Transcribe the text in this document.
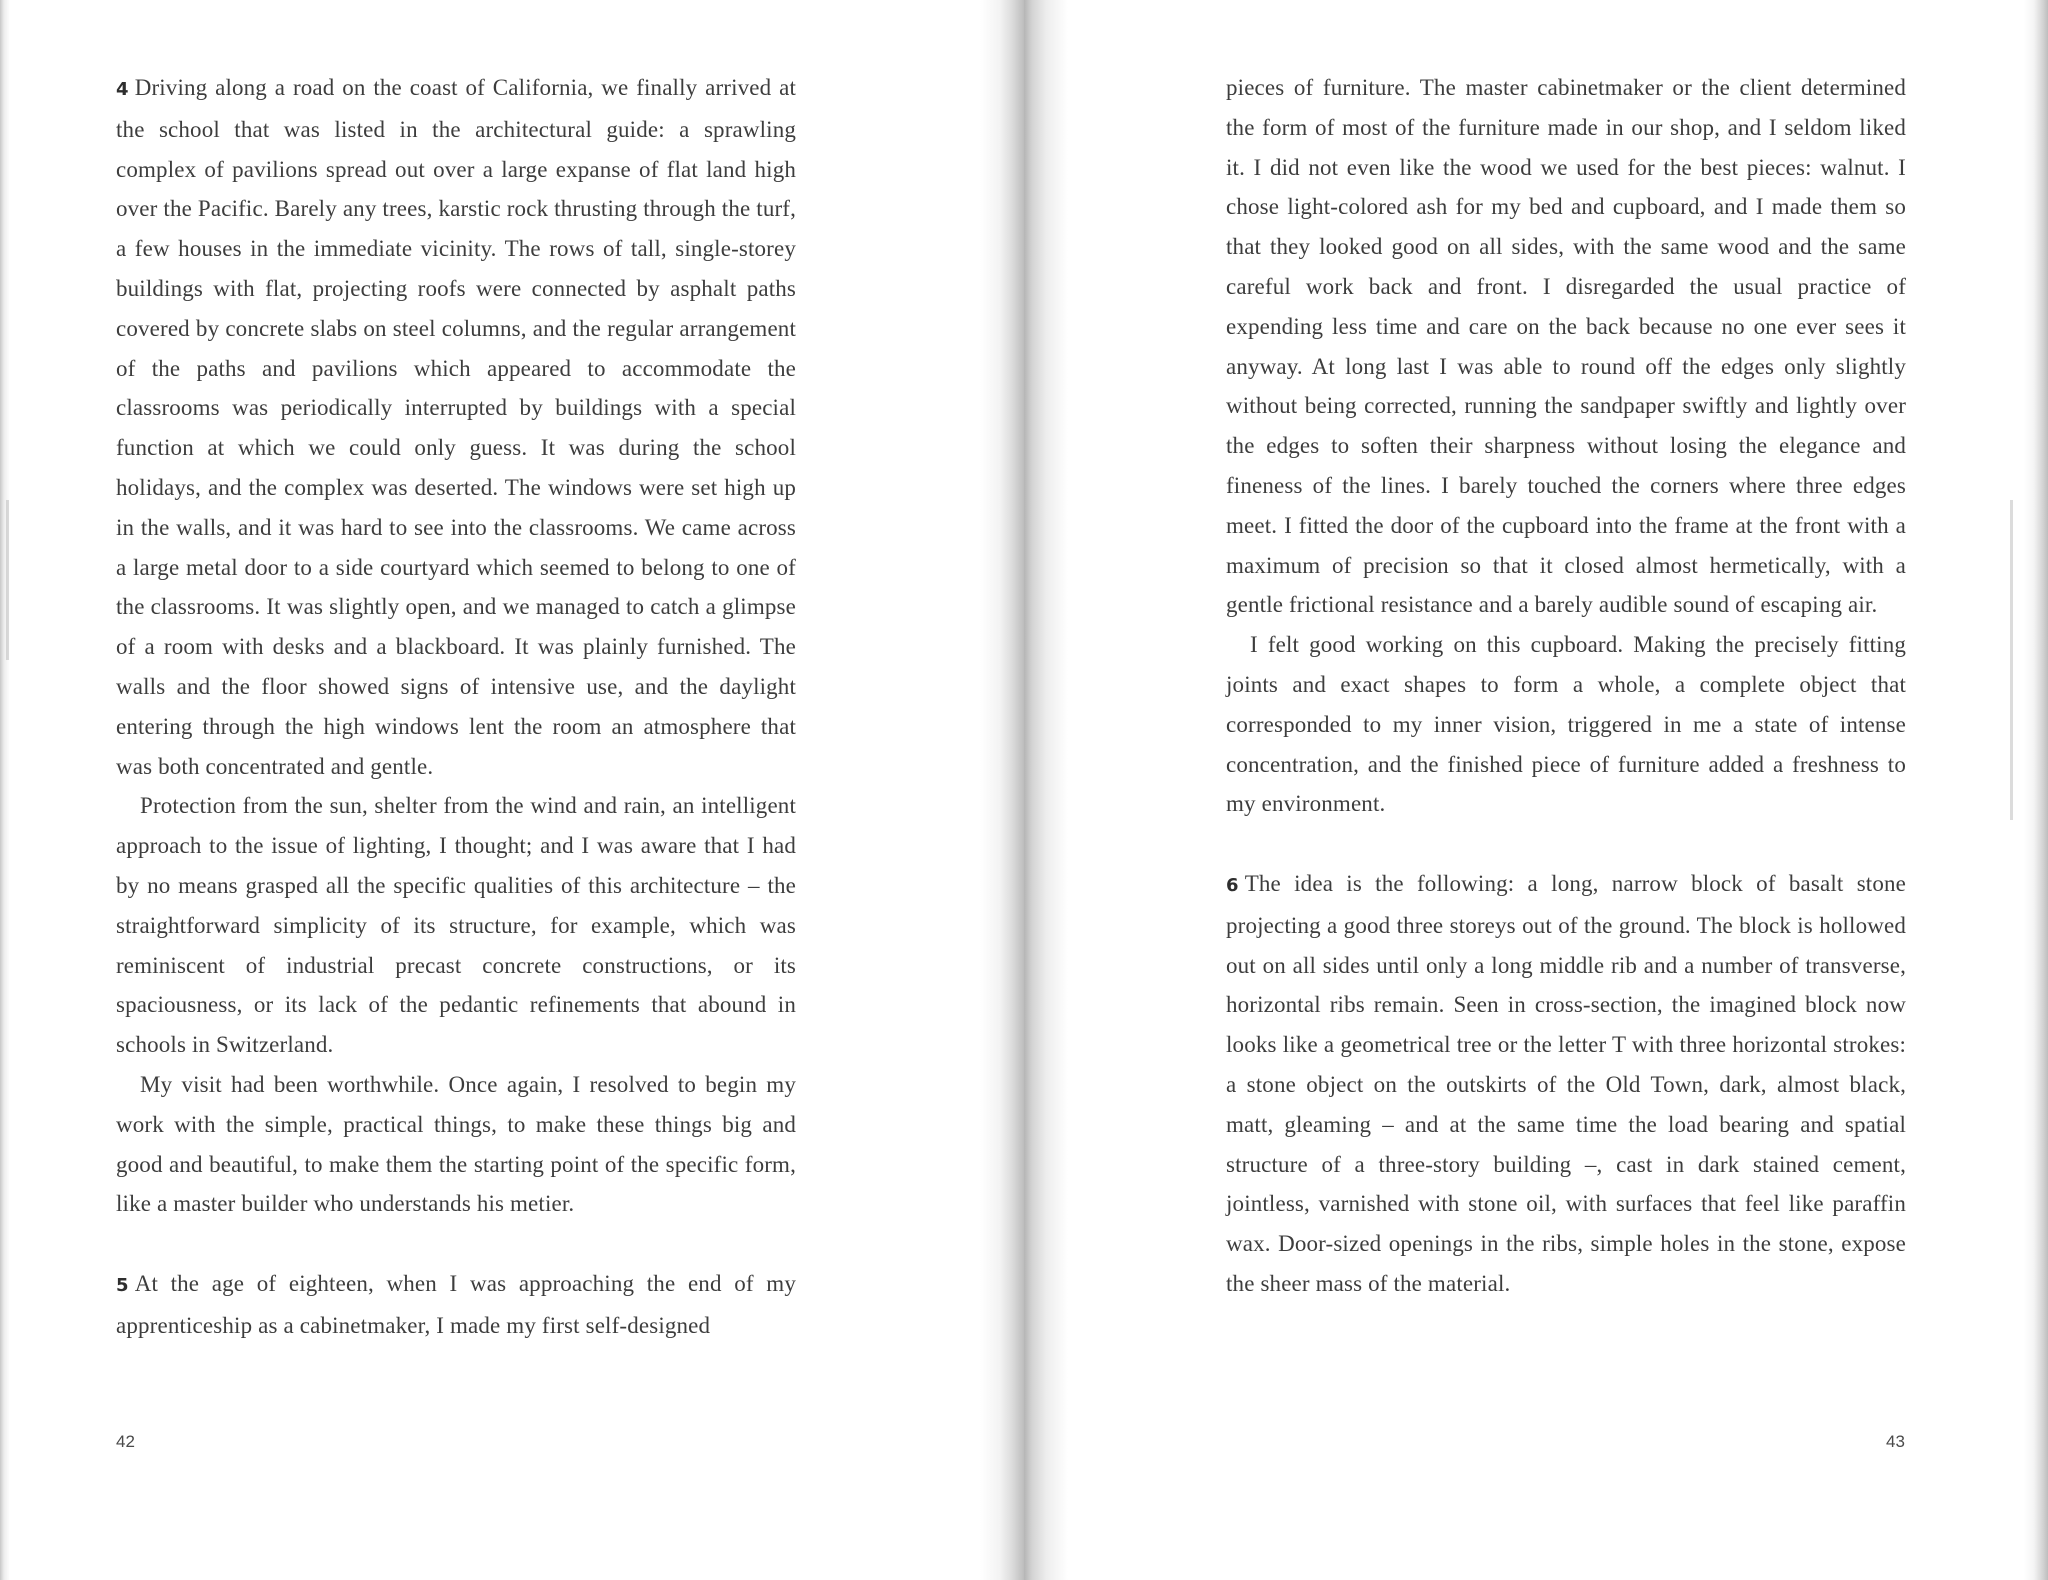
4 Driving along a road on the coast of California, we finally arrived at the school that was listed in the architectural guide: a sprawling complex of pavilions spread out over a large expanse of flat land high over the Pacific. Barely any trees, karstic rock thrusting through the turf, a few houses in the immediate vicinity. The rows of tall, single-storey buildings with flat, projecting roofs were connected by asphalt paths covered by concrete slabs on steel columns, and the regular arrangement of the paths and pavilions which appeared to accommodate the classrooms was periodically interrupted by buildings with a special function at which we could only guess. It was during the school holidays, and the complex was deserted. The windows were set high up in the walls, and it was hard to see into the classrooms. We came across a large metal door to a side courtyard which seemed to belong to one of the classrooms. It was slightly open, and we managed to catch a glimpse of a room with desks and a blackboard. It was plainly furnished. The walls and the floor showed signs of intensive use, and the daylight entering through the high windows lent the room an atmosphere that was both concentrated and gentle.

Protection from the sun, shelter from the wind and rain, an intelligent approach to the issue of lighting, I thought; and I was aware that I had by no means grasped all the specific qualities of this architecture – the straightforward simplicity of its structure, for example, which was reminiscent of industrial precast concrete constructions, or its spaciousness, or its lack of the pedantic refinements that abound in schools in Switzerland.

My visit had been worthwhile. Once again, I resolved to begin my work with the simple, practical things, to make these things big and good and beautiful, to make them the starting point of the specific form, like a master builder who understands his metier.

5 At the age of eighteen, when I was approaching the end of my apprenticeship as a cabinetmaker, I made my first self-designed

42

pieces of furniture. The master cabinetmaker or the client determined the form of most of the furniture made in our shop, and I seldom liked it. I did not even like the wood we used for the best pieces: walnut. I chose light-colored ash for my bed and cupboard, and I made them so that they looked good on all sides, with the same wood and the same careful work back and front. I disregarded the usual practice of expending less time and care on the back because no one ever sees it anyway. At long last I was able to round off the edges only slightly without being corrected, running the sandpaper swiftly and lightly over the edges to soften their sharpness without losing the elegance and fineness of the lines. I barely touched the corners where three edges meet. I fitted the door of the cupboard into the frame at the front with a maximum of precision so that it closed almost hermetically, with a gentle frictional resistance and a barely audible sound of escaping air.

I felt good working on this cupboard. Making the precisely fitting joints and exact shapes to form a whole, a complete object that corresponded to my inner vision, triggered in me a state of intense concentration, and the finished piece of furniture added a freshness to my environment.

6 The idea is the following: a long, narrow block of basalt stone projecting a good three storeys out of the ground. The block is hollowed out on all sides until only a long middle rib and a number of transverse, horizontal ribs remain. Seen in cross-section, the imagined block now looks like a geometrical tree or the letter T with three horizontal strokes: a stone object on the outskirts of the Old Town, dark, almost black, matt, gleaming – and at the same time the load bearing and spatial structure of a three-story building –, cast in dark stained cement, jointless, varnished with stone oil, with surfaces that feel like paraffin wax. Door-sized openings in the ribs, simple holes in the stone, expose the sheer mass of the material.

43
